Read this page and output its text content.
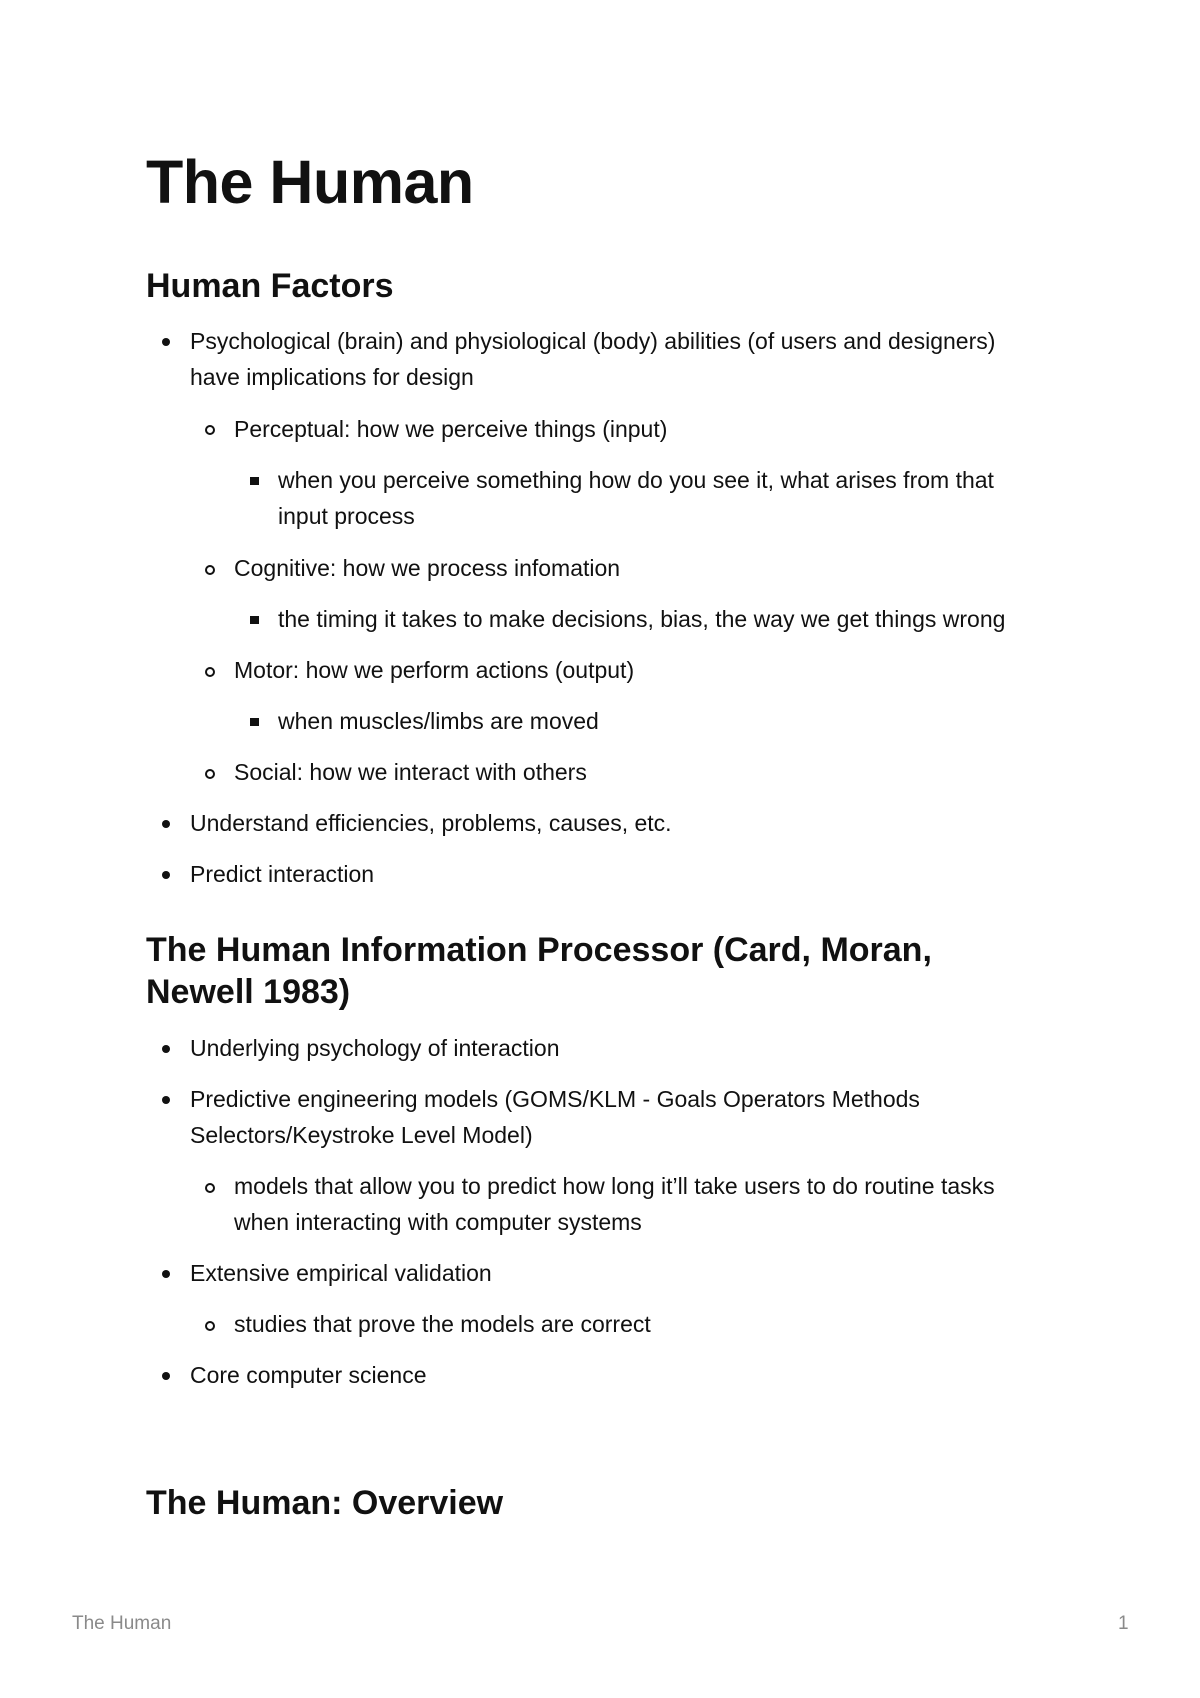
The Human
Human Factors
Psychological (brain) and physiological (body) abilities (of users and designers)
have implications for design
Perceptual: how we perceive things (input)
when you perceive something how do you see it, what arises from that
input process
Cognitive: how we process infomation
the timing it takes to make decisions, bias, the way we get things wrong
Motor: how we perform actions (output)
when muscles/limbs are moved
Social: how we interact with others
Understand efficiencies, problems, causes, etc.
Predict interaction
The Human Information Processor (Card, Moran,
Newell 1983)
Underlying psychology of interaction
Predictive engineering models (GOMS/KLM - Goals Operators Methods
Selectors/Keystroke Level Model)
models that allow you to predict how long it’ll take users to do routine tasks
when interacting with computer systems
Extensive empirical validation
studies that prove the models are correct
Core computer science
The Human: Overview
The Human	1
